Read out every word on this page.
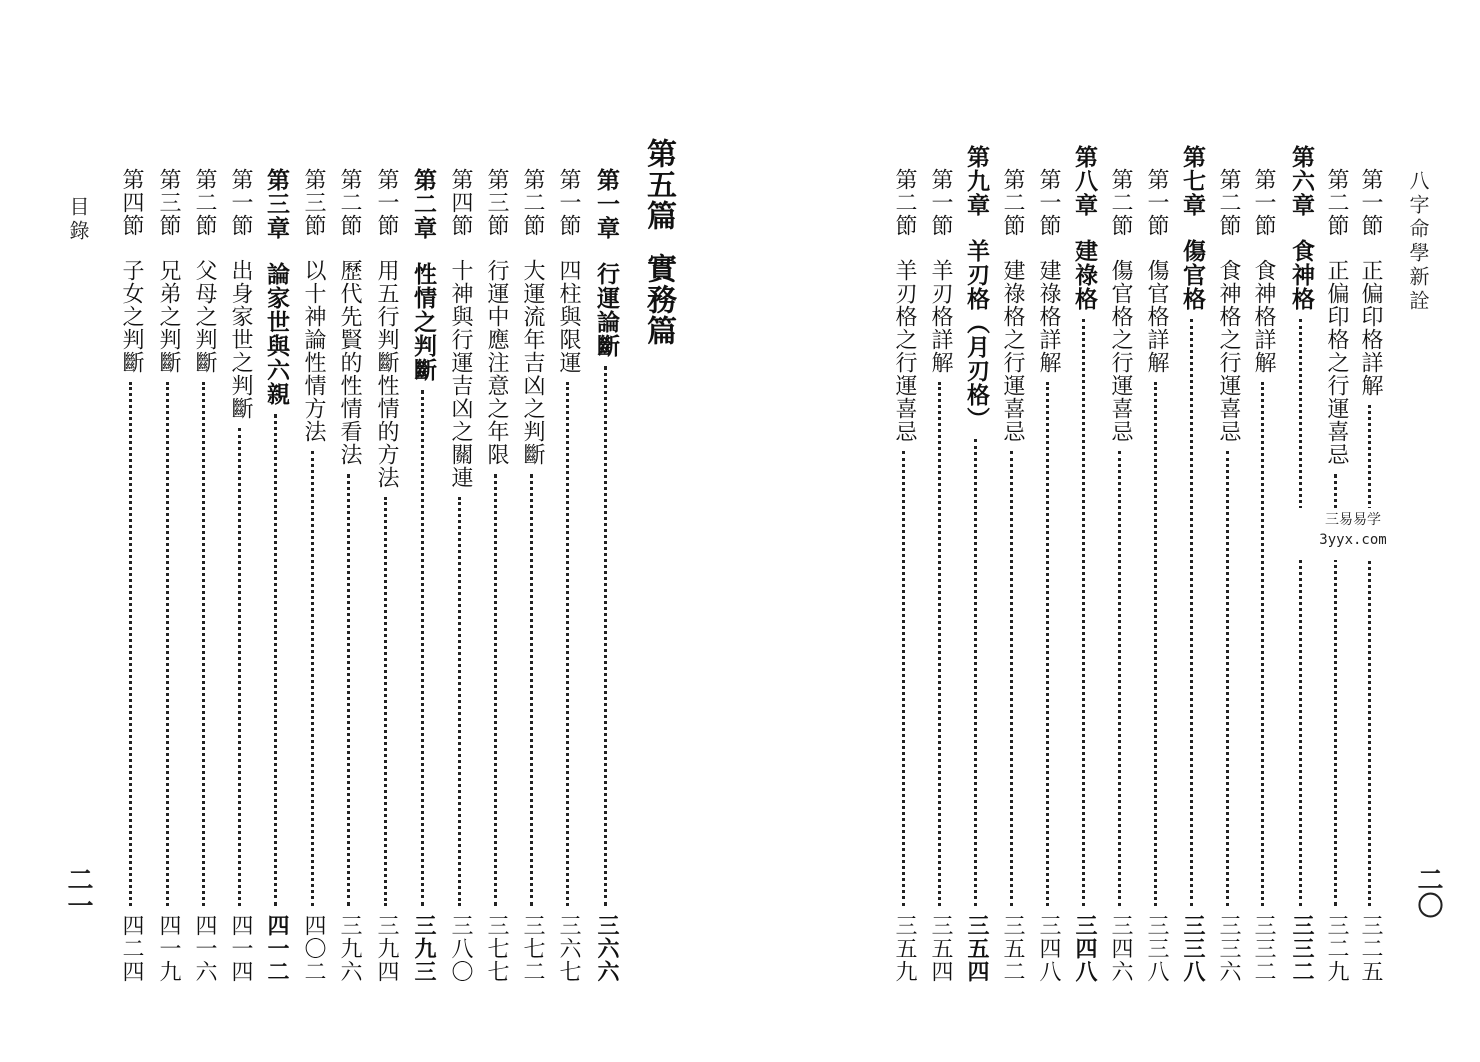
八字命學新詮
二〇
第一節
正偏印格詳解
三二五
第二節
正偏印格之行運喜忌
三二九
第六章
食神格
三三二
第一節
食神格詳解
三三二
第二節
食神格之行運喜忌
三三六
第七章
傷官格
三三八
第一節
傷官格詳解
三三八
第二節
傷官格之行運喜忌
三四六
第八章
建祿格
三四八
第一節
建祿格詳解
三四八
第二節
建祿格之行運喜忌
三五二
第九章
羊刃格（月刃格）
三五四
第一節
羊刃格詳解
三五四
第二節
羊刃格之行運喜忌
三五九
三易易学
3yyx.com
目錄
二一
第五篇
實務篇
第一章
行運論斷
三六六
第一節
四柱與限運
三六七
第二節
大運流年吉凶之判斷
三七二
第三節
行運中應注意之年限
三七七
第四節
十神與行運吉凶之關連
三八〇
第二章
性情之判斷
三九三
第一節
用五行判斷性情的方法
三九四
第二節
歷代先賢的性情看法
三九六
第三節
以十神論性情方法
四〇二
第三章
論家世與六親
四一二
第一節
出身家世之判斷
四一四
第二節
父母之判斷
四一六
第三節
兄弟之判斷
四一九
第四節
子女之判斷
四二四
